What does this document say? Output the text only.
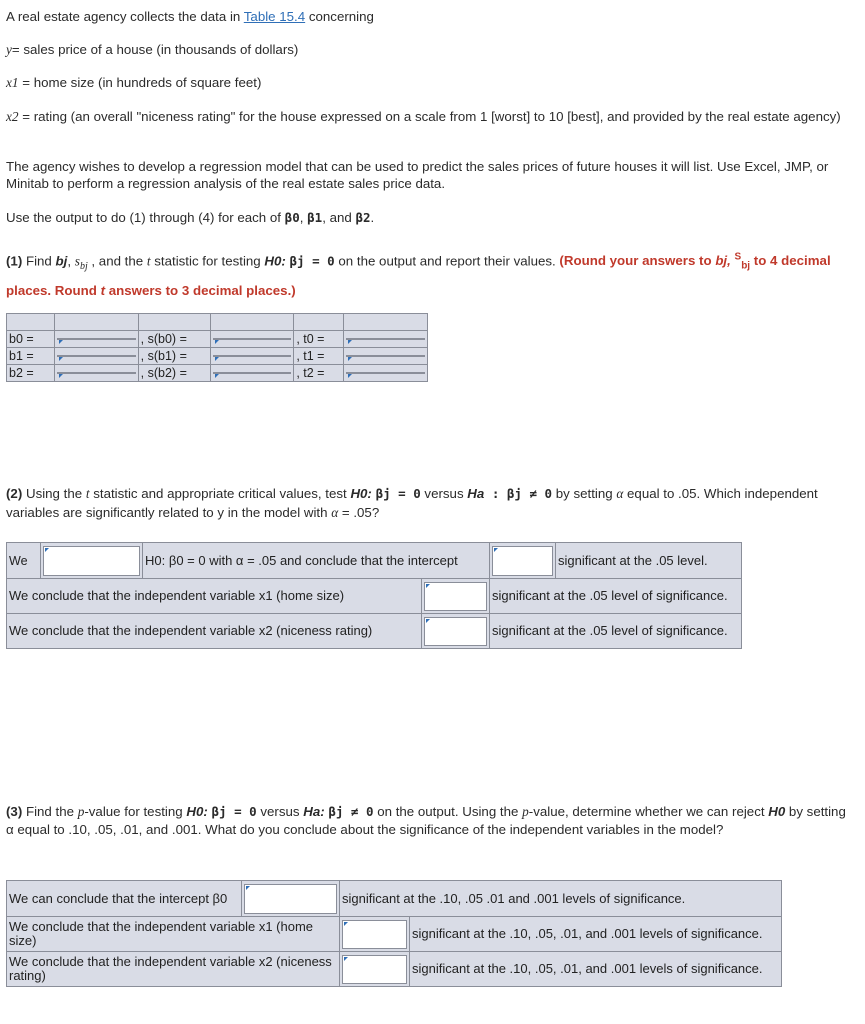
A real estate agency collects the data in Table 15.4 concerning

y= sales price of a house (in thousands of dollars)

x1 = home size (in hundreds of square feet)

x2 = rating (an overall "niceness rating" for the house expressed on a scale from 1 [worst] to 10 [best], and provided by the real estate agency)

The agency wishes to develop a regression model that can be used to predict the sales prices of future houses it will list. Use Excel, JMP, or Minitab to perform a regression analysis of the real estate sales price data.

Use the output to do (1) through (4) for each of β0, β1, and β2.

(1) Find bj, $s_{bj}$ , and the t statistic for testing H0: βj = 0 on the output and report their values. (Round your answers to bj, $^S_{bj}$ to 4 decimal places. Round t answers to 3 decimal places.)

b0 =		, s(b0) =		, t0 =	

b1 =		, s(b1) =		, t1 =	

b2 =		, s(b2) =		, t2 =	

(2) Using the t statistic and appropriate critical values, test H0: βj = 0 versus Ha : βj ≠ 0 by setting α equal to .05. Which independent variables are significantly related to y in the model with α = .05?

We		H0: β0 = 0 with α = .05 and conclude that the intercept			significant at the .05 level.
We conclude that the independent variable x1 (home size)				significant at the .05 level of significance.	
We conclude that the independent variable x2 (niceness rating)				significant at the .05 level of significance.	

(3) Find the p-value for testing H0: βj = 0 versus Ha: βj ≠ 0 on the output. Using the p-value, determine whether we can reject H0 by setting α equal to .10, .05, .01, and .001. What do you conclude about the significance of the independent variables in the model?

We can conclude that the intercept β0		significant at the .10, .05 .01 and .001 levels of significance.	
We conclude that the independent variable x1 (home size)			significant at the .10, .05, .01, and .001 levels of significance.
We conclude that the independent variable x2 (niceness rating)			significant at the .10, .05, .01, and .001 levels of significance.
